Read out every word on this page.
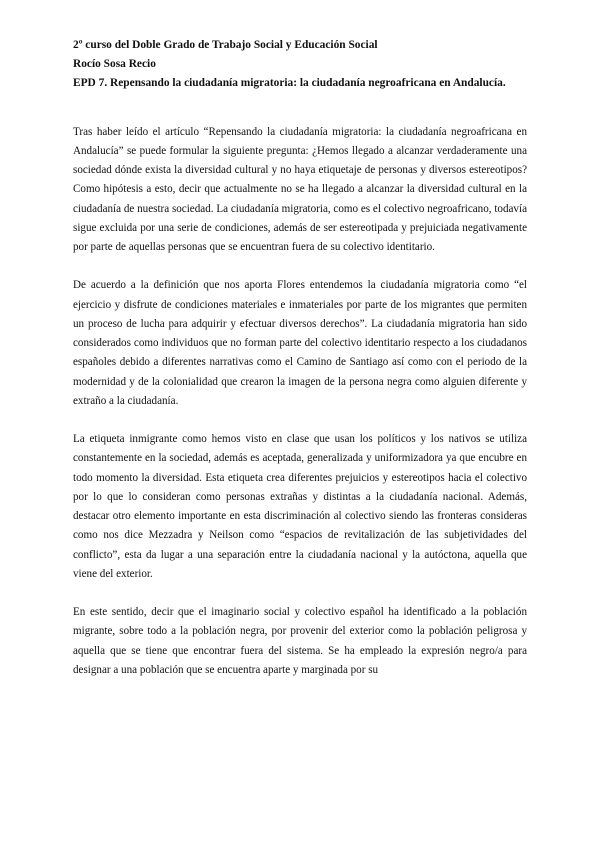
2º curso del Doble Grado de Trabajo Social y Educación Social

Rocío Sosa Recio

EPD 7. Repensando la ciudadanía migratoria: la ciudadanía negroafricana en Andalucía.

Tras haber leído el artículo “Repensando la ciudadanía migratoria: la ciudadanía negroafricana en Andalucía” se puede formular la siguiente pregunta: ¿Hemos llegado a alcanzar verdaderamente una sociedad dónde exista la diversidad cultural y no haya etiquetaje de personas y diversos estereotipos? Como hipótesis a esto, decir que actualmente no se ha llegado a alcanzar la diversidad cultural en la ciudadanía de nuestra sociedad. La ciudadanía migratoria, como es el colectivo negroafricano, todavía sigue excluida por una serie de condiciones, además de ser estereotipada y prejuiciada negativamente por parte de aquellas personas que se encuentran fuera de su colectivo identitario.

De acuerdo a la definición que nos aporta Flores entendemos la ciudadanía migratoria como “el ejercicio y disfrute de condiciones materiales e inmateriales por parte de los migrantes que permiten un proceso de lucha para adquirir y efectuar diversos derechos”. La ciudadanía migratoria han sido considerados como individuos que no forman parte del colectivo identitario respecto a los ciudadanos españoles debido a diferentes narrativas como el Camino de Santiago así como con el periodo de la modernidad y de la colonialidad que crearon la imagen de la persona negra como alguien diferente y extraño a la ciudadanía.

La etiqueta inmigrante como hemos visto en clase que usan los políticos y los nativos se utiliza constantemente en la sociedad, además es aceptada, generalizada y uniformizadora ya que encubre en todo momento la diversidad. Esta etiqueta crea diferentes prejuicios y estereotipos hacia el colectivo por lo que lo consideran como personas extrañas y distintas a la ciudadanía nacional. Además, destacar otro elemento importante en esta discriminación al colectivo siendo las fronteras consideras como nos dice Mezzadra y Neilson como “espacios de revitalización de las subjetividades del conflicto”, esta da lugar a una separación entre la ciudadanía nacional y la autóctona, aquella que viene del exterior.

En este sentido, decir que el imaginario social y colectivo español ha identificado a la población migrante, sobre todo a la población negra, por provenir del exterior como la población peligrosa y aquella que se tiene que encontrar fuera del sistema. Se ha empleado la expresión negro/a para designar a una población que se encuentra aparte y marginada por su
